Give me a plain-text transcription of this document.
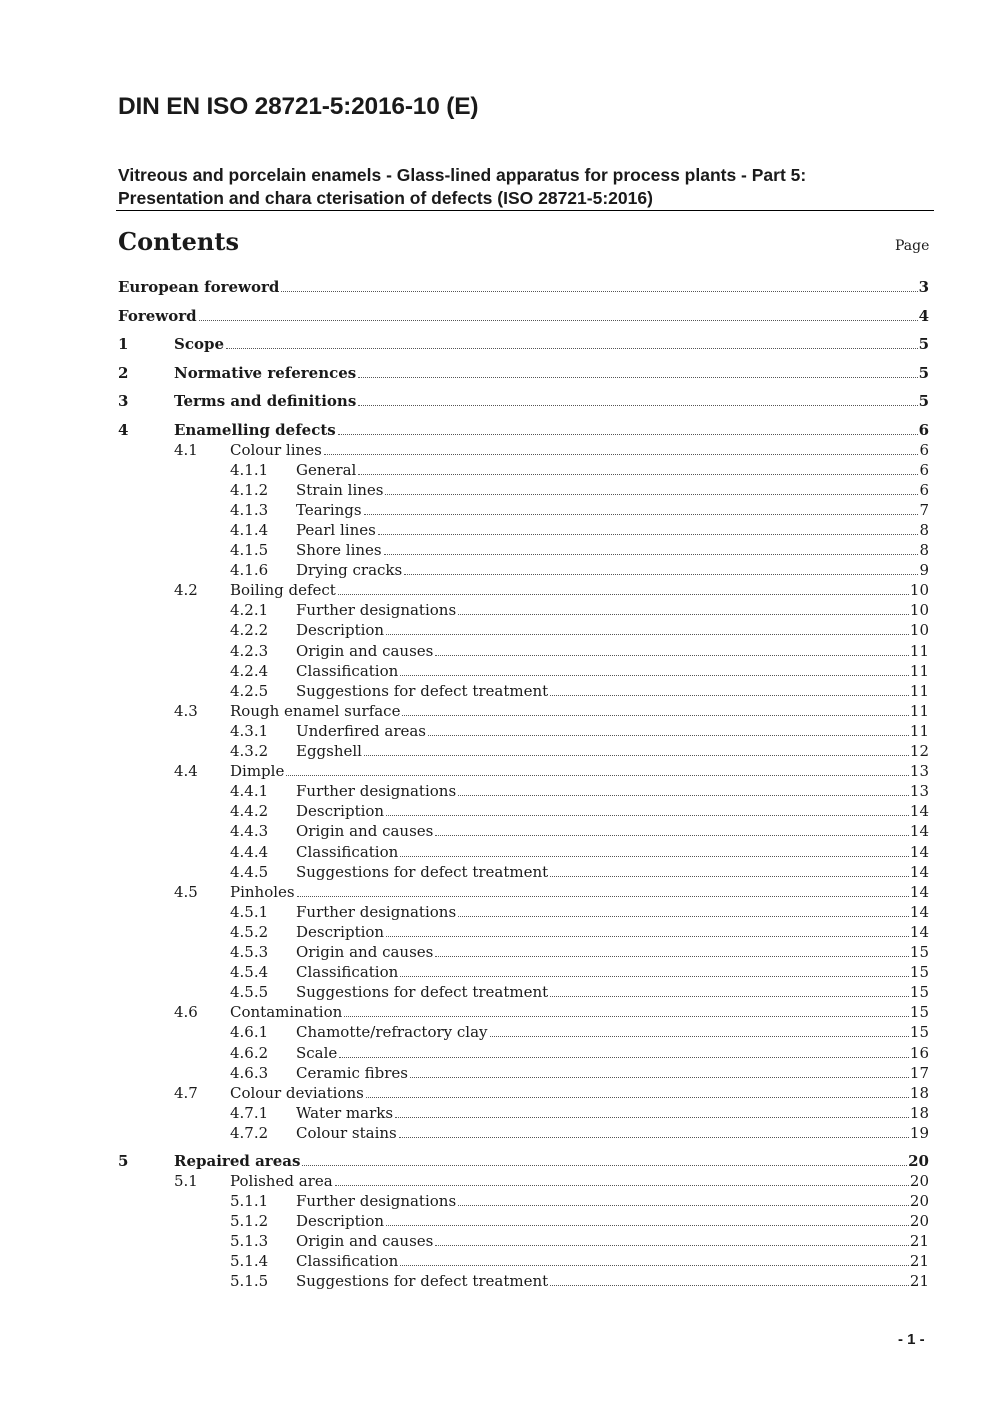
DIN EN ISO 28721-5:2016-10 (E)
Vitreous and porcelain enamels - Glass-lined apparatus for process plants - Part 5:
Presentation and chara cterisation of defects (ISO 28721-5:2016)
Contents	Page
European foreword	3
Foreword	4
1	Scope	5
2	Normative references	5
3	Terms and definitions	5
4	Enamelling defects	6
4.1 Colour lines	6
4.1.1 General	6
4.1.2 Strain lines	6
4.1.3 Tearings	7
4.1.4 Pearl lines	8
4.1.5 Shore lines	8
4.1.6 Drying cracks	9
4.2 Boiling defect	10
4.2.1 Further designations	10
4.2.2 Description	10
4.2.3 Origin and causes	11
4.2.4 Classification	11
4.2.5 Suggestions for defect treatment	11
4.3 Rough enamel surface	11
4.3.1 Underfired areas	11
4.3.2 Eggshell	12
4.4 Dimple	13
4.4.1 Further designations	13
4.4.2 Description	14
4.4.3 Origin and causes	14
4.4.4 Classification	14
4.4.5 Suggestions for defect treatment	14
4.5 Pinholes	14
4.5.1 Further designations	14
4.5.2 Description	14
4.5.3 Origin and causes	15
4.5.4 Classification	15
4.5.5 Suggestions for defect treatment	15
4.6 Contamination	15
4.6.1 Chamotte/refractory clay	15
4.6.2 Scale	16
4.6.3 Ceramic fibres	17
4.7 Colour deviations	18
4.7.1 Water marks	18
4.7.2 Colour stains	19
5	Repaired areas	20
5.1 Polished area	20
5.1.1 Further designations	20
5.1.2 Description	20
5.1.3 Origin and causes	21
5.1.4 Classification	21
5.1.5 Suggestions for defect treatment	21
- 1 -
